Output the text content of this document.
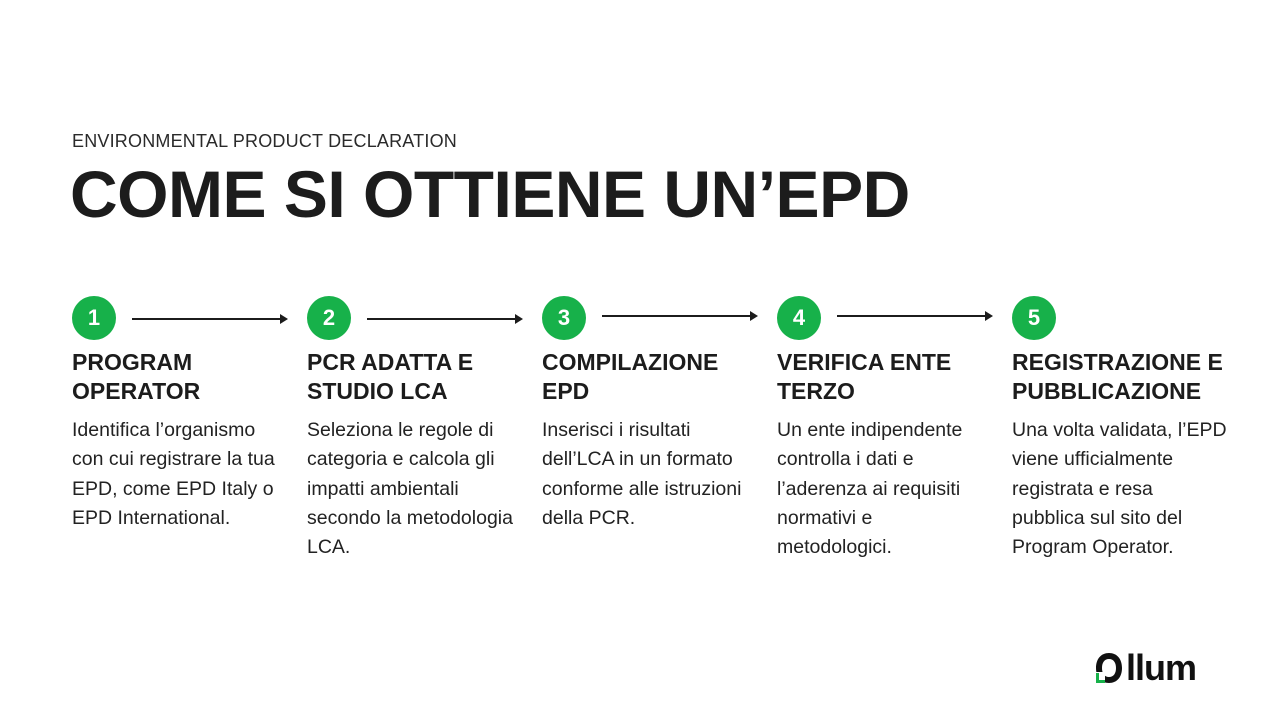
ENVIRONMENTAL PRODUCT DECLARATION
COME SI OTTIENE UN’EPD
1
PROGRAM
OPERATOR
Identifica l’organismo con cui registrare la tua EPD, come EPD Italy o EPD International.
2
PCR ADATTA E
STUDIO LCA
Seleziona le regole di categoria e calcola gli impatti ambientali secondo la metodologia LCA.
3
COMPILAZIONE
EPD
Inserisci i risultati dell’LCA in un formato conforme alle istruzioni della PCR.
4
VERIFICA ENTE
TERZO
Un ente indipendente controlla i dati e l’aderenza ai requisiti normativi e metodologici.
5
REGISTRAZIONE E
PUBBLICAZIONE
Una volta validata, l’EPD viene ufficialmente registrata e resa pubblica sul sito del Program Operator.
llum
